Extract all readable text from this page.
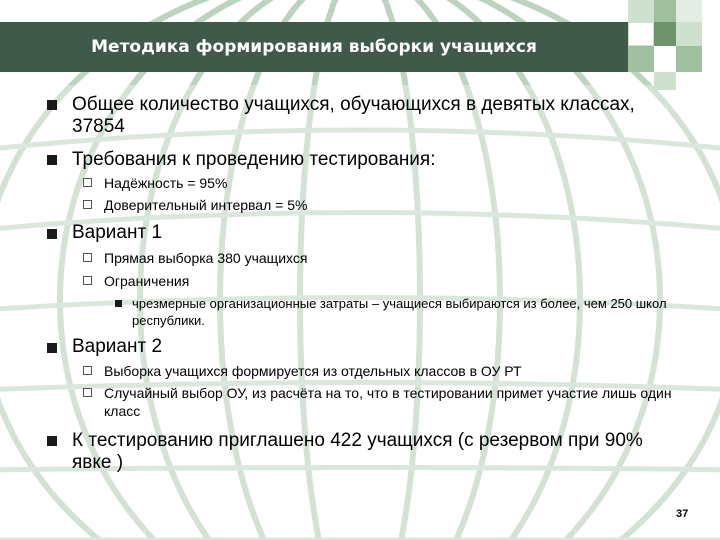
Методика формирования выборки учащихся
Общее количество учащихся, обучающихся в девятых классах, 37854
Требования к проведению тестирования:
Надёжность = 95%
Доверительный интервал = 5%
Вариант 1
Прямая выборка 380 учащихся
Ограничения
чрезмерные организационные затраты – учащиеся выбираются из более, чем 250 школ республики.
Вариант 2
Выборка учащихся формируется из отдельных классов в ОУ РТ
Случайный выбор ОУ, из расчёта на то, что в тестировании примет участие лишь один класс
К тестированию приглашено 422 учащихся (с резервом при 90% явке )
37
